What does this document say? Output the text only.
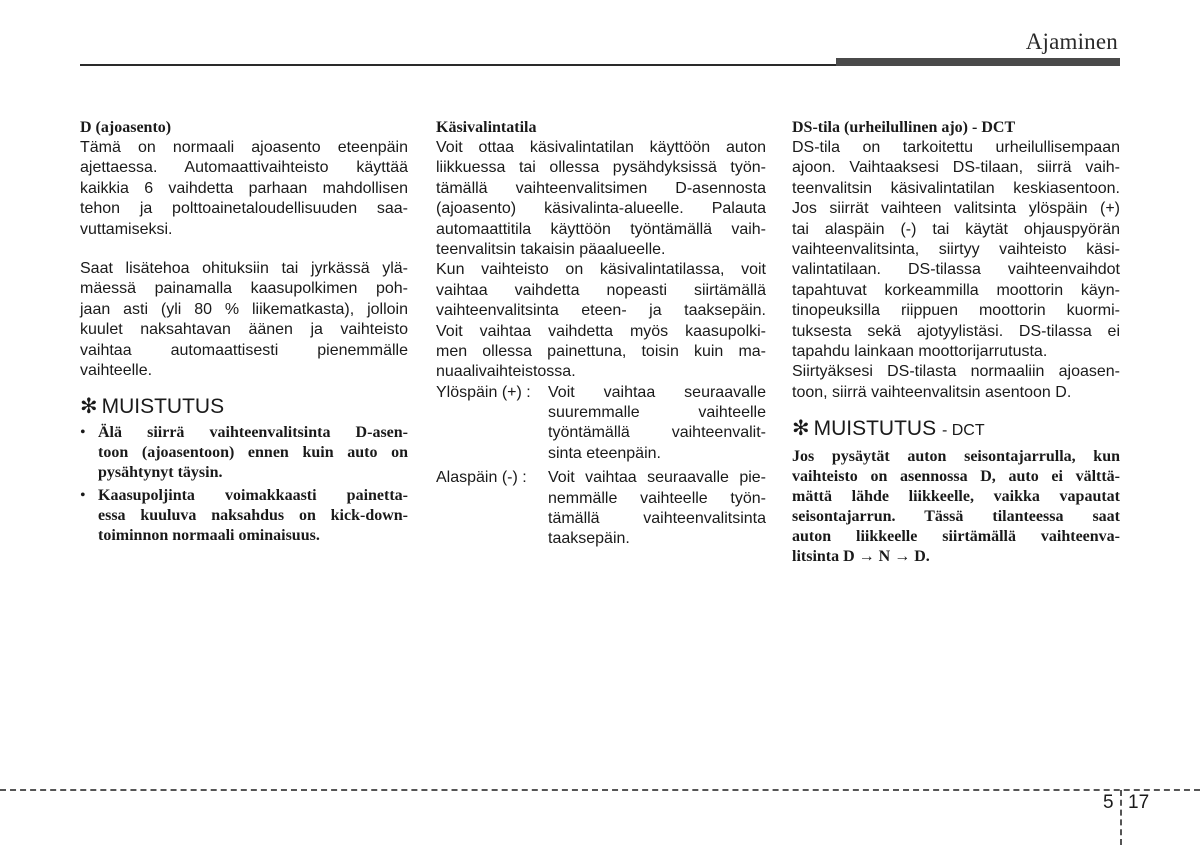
Ajaminen
D (ajoasento)
Tämä on normaali ajoasento eteenpäin
ajettaessa. Automaattivaihteisto käyttää
kaikkia 6 vaihdetta parhaan mahdollisen
tehon ja polttoainetaloudellisuuden saa-
vuttamiseksi.
Saat lisätehoa ohituksiin tai jyrkässä ylä-
mäessä painamalla kaasupolkimen poh-
jaan asti (yli 80 % liikematkasta), jolloin
kuulet naksahtavan äänen ja vaihteisto
vaihtaa automaattisesti pienemmälle
vaihteelle.
✻ MUISTUTUS
• Älä siirrä vaihteenvalitsinta D-asen-
toon (ajoasentoon) ennen kuin auto on
pysähtynyt täysin.
• Kaasupoljinta voimakkaasti painetta-
essa kuuluva naksahdus on kick-down-
toiminnon normaali ominaisuus.
Käsivalintatila
Voit ottaa käsivalintatilan käyttöön auton
liikkuessa tai ollessa pysähdyksissä työn-
tämällä vaihteenvalitsimen D-asennosta
(ajoasento) käsivalinta-alueelle. Palauta
automaattitila käyttöön työntämällä vaih-
teenvalitsin takaisin päaalueelle.
Kun vaihteisto on käsivalintatilassa, voit
vaihtaa vaihdetta nopeasti siirtämällä
vaihteenvalitsinta eteen- ja taaksepäin.
Voit vaihtaa vaihdetta myös kaasupolki-
men ollessa painettuna, toisin kuin ma-
nuaalivaihteistossa.
Ylöspäin (+) :	Voit vaihtaa seuraavalle
suuremmalle vaihteelle
työntämällä vaihteenvalit-
sinta eteenpäin.
Alaspäin (-) :	Voit vaihtaa seuraavalle pie-
nemmälle vaihteelle työn-
tämällä vaihteenvalitsinta
taaksepäin.
DS-tila (urheilullinen ajo) - DCT
DS-tila on tarkoitettu urheilullisempaan
ajoon. Vaihtaaksesi DS-tilaan, siirrä vaih-
teenvalitsin käsivalintatilan keskiasentoon.
Jos siirrät vaihteen valitsinta ylöspäin (+)
tai alaspäin (-) tai käytät ohjauspyörän
vaihteenvalitsinta, siirtyy vaihteisto käsi-
valintatilaan. DS-tilassa vaihteenvaihdot
tapahtuvat korkeammilla moottorin käyn-
tinopeuksilla riippuen moottorin kuormi-
tuksesta sekä ajotyylistäsi. DS-tilassa ei
tapahdu lainkaan moottorijarrutusta.
Siirtyäksesi DS-tilasta normaaliin ajoasen-
toon, siirrä vaihteenvalitsin asentoon D.
✻ MUISTUTUS - DCT
Jos pysäytät auton seisontajarrulla, kun
vaihteisto on asennossa D, auto ei välttä-
mättä lähde liikkeelle, vaikka vapautat
seisontajarrun. Tässä tilanteessa saat
auton liikkeelle siirtämällä vaihteenva-
litsinta D → N → D.
5 17
